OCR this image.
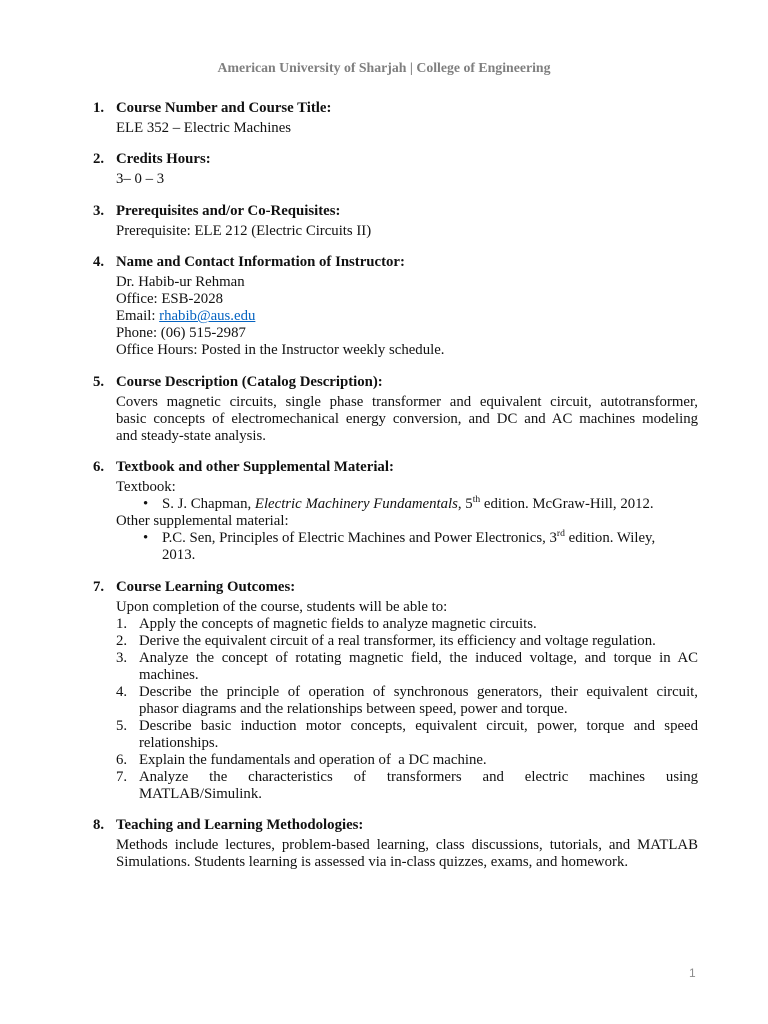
American University of Sharjah | College of Engineering
1. Course Number and Course Title:
ELE 352 – Electric Machines
2. Credits Hours:
3– 0 – 3
3. Prerequisites and/or Co-Requisites:
Prerequisite: ELE 212 (Electric Circuits II)
4. Name and Contact Information of Instructor:
Dr. Habib-ur Rehman
Office: ESB-2028
Email: rhabib@aus.edu
Phone: (06) 515-2987
Office Hours: Posted in the Instructor weekly schedule.
5. Course Description (Catalog Description):
Covers magnetic circuits, single phase transformer and equivalent circuit, autotransformer,
basic concepts of electromechanical energy conversion, and DC and AC machines modeling
and steady-state analysis.
6. Textbook and other Supplemental Material:
Textbook:
• S. J. Chapman, Electric Machinery Fundamentals, 5th edition. McGraw-Hill, 2012.
Other supplemental material:
• P.C. Sen, Principles of Electric Machines and Power Electronics, 3rd edition. Wiley,
2013.
7. Course Learning Outcomes:
Upon completion of the course, students will be able to:
1. Apply the concepts of magnetic fields to analyze magnetic circuits.
2. Derive the equivalent circuit of a real transformer, its efficiency and voltage regulation.
3. Analyze the concept of rotating magnetic field, the induced voltage, and torque in AC
machines.
4. Describe the principle of operation of synchronous generators, their equivalent circuit,
phasor diagrams and the relationships between speed, power and torque.
5. Describe basic induction motor concepts, equivalent circuit, power, torque and speed
relationships.
6. Explain the fundamentals and operation of  a DC machine.
7. Analyze the characteristics of transformers and electric machines using
MATLAB/Simulink.
8. Teaching and Learning Methodologies:
Methods include lectures, problem-based learning, class discussions, tutorials, and MATLAB
Simulations. Students learning is assessed via in-class quizzes, exams, and homework.
1
